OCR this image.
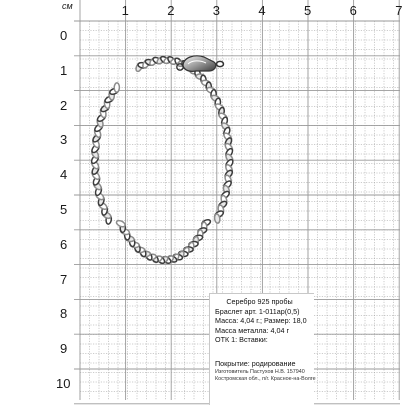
см	1	2	3	4	5	6	7
0
1
2
3
4
5
6
7
8
9
10
Серебро 925 пробы
Браслет арт. 1-011ар(0,5)
Масса: 4,04 г.; Размер: 18,0
Масса металла: 4,04 г
ОТК 1: Вставки:
Покрытие: родирование
Изготовитель Пастухов Н.В. 157940
Костромская обл., п/г. Красное-на-Волге
